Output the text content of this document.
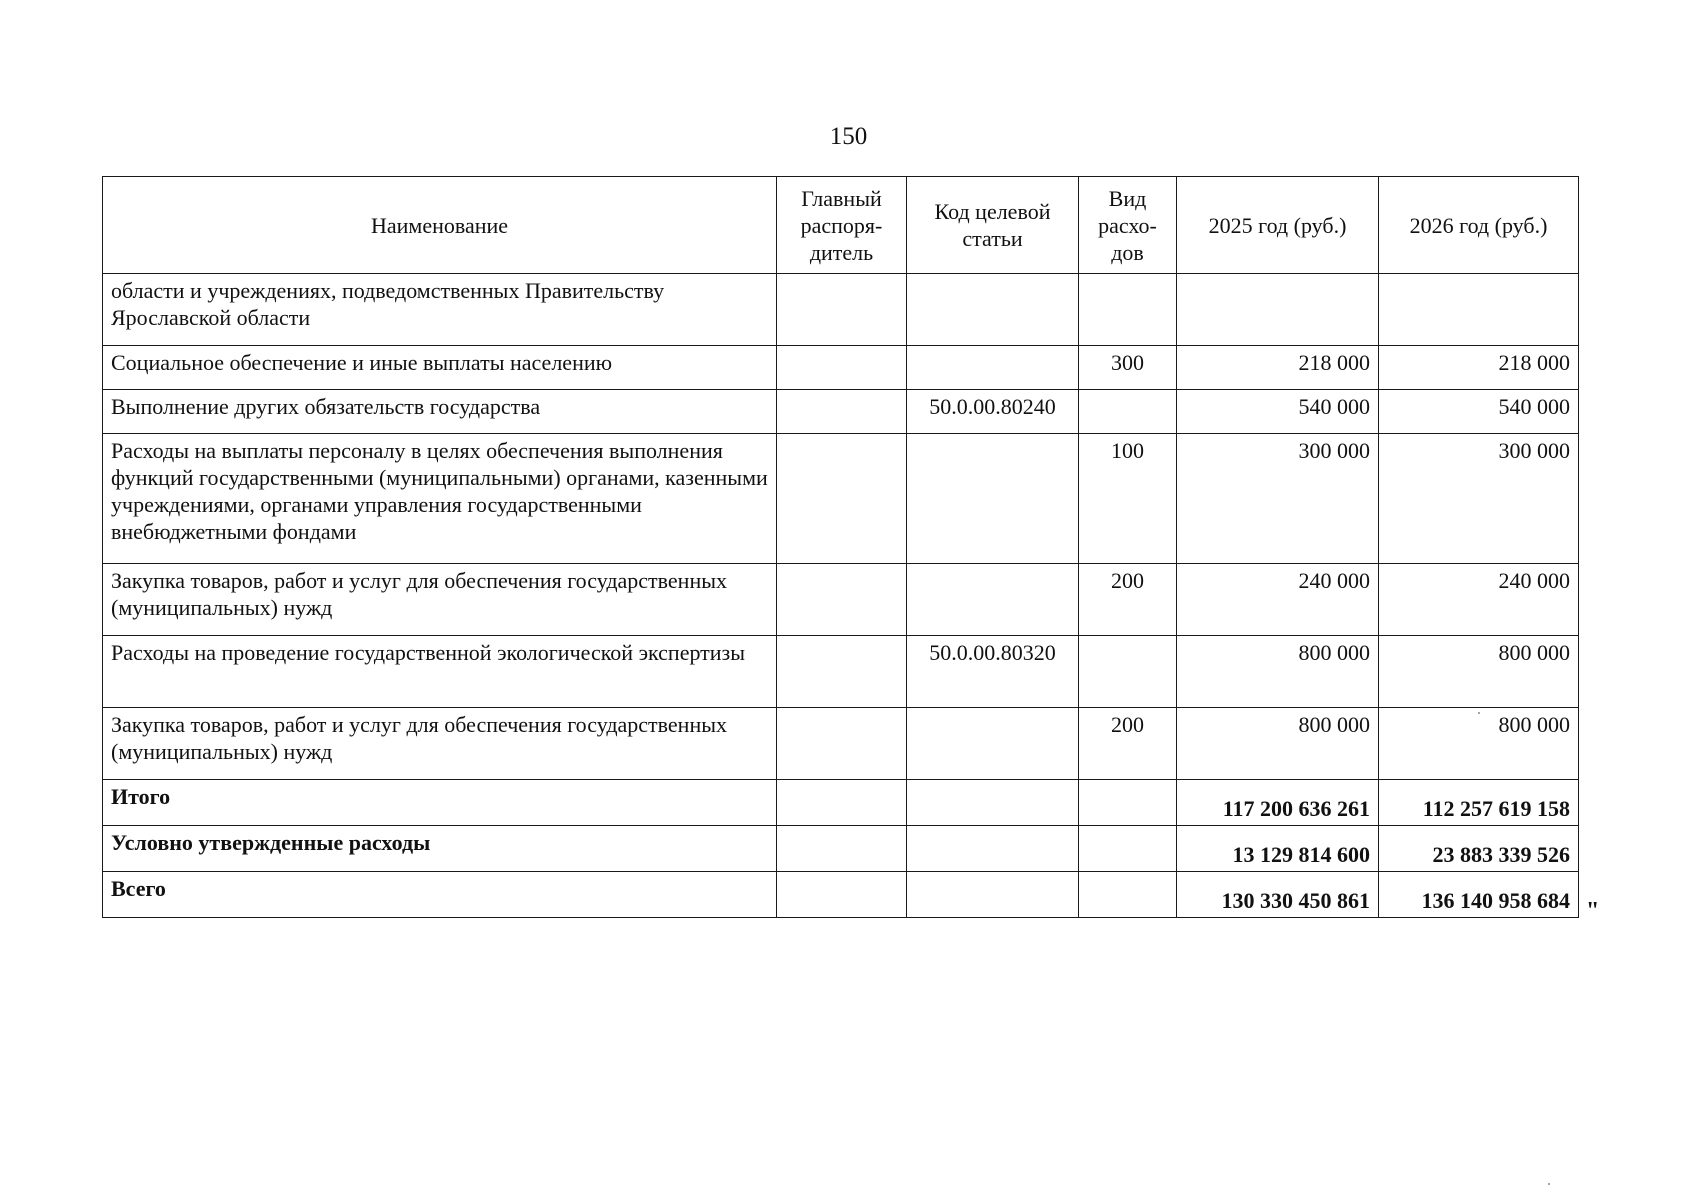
150
Наименование	Главный распоря-дитель	Код целевой статьи	Вид расхо-дов	2025 год (руб.)	2026 год (руб.)
области и учреждениях, подведомственных Правительству Ярославской области					
Социальное обеспечение и иные выплаты населению			300	218 000	218 000
Выполнение других обязательств государства		50.0.00.80240		540 000	540 000
Расходы на выплаты персоналу в целях обеспечения выполнения функций государственными (муниципальными) органами, казенными учреждениями, органами управления государственными внебюджетными фондами			100	300 000	300 000
Закупка товаров, работ и услуг для обеспечения государственных (муниципальных) нужд			200	240 000	240 000
Расходы на проведение государственной экологической экспертизы		50.0.00.80320		800 000	800 000
Закупка товаров, работ и услуг для обеспечения государственных (муниципальных) нужд			200	800 000	800 000
Итого				117 200 636 261	112 257 619 158
Условно утвержденные расходы				13 129 814 600	23 883 339 526
Всего				130 330 450 861	136 140 958 684 "
